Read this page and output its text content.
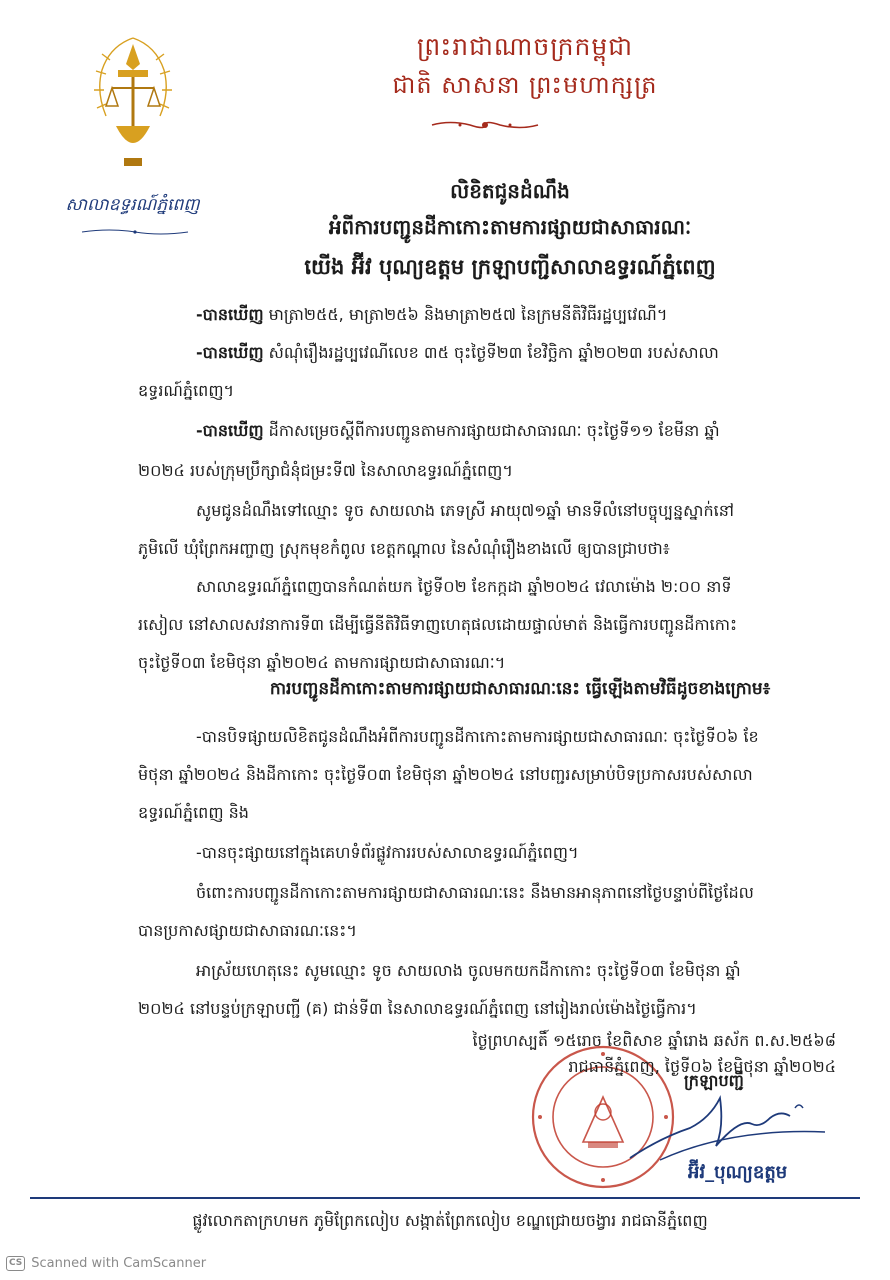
ព្រះរាជាណាចក្រកម្ពុជា
ជាតិ សាសនា ព្រះមហាក្សត្រ
សាលាឧទ្ធរណ៍ភ្នំពេញ
លិខិតជូនដំណឹង
អំពីការបញ្ជូនដីកាកោះតាមការផ្សាយជាសាធារណៈ
យើង អ៊ីវ បុណ្យឧត្តម ក្រឡាបញ្ជីសាលាឧទ្ធរណ៍ភ្នំពេញ
-បានឃើញ មាត្រា២៥៥, មាត្រា២៥៦ និងមាត្រា២៥៧ នៃក្រមនីតិវិធីរដ្ឋប្បវេណី។
-បានឃើញ សំណុំរឿងរដ្ឋប្បវេណីលេខ ៣៥ ចុះថ្ងៃទី២៣ ខែវិច្ឆិកា ឆ្នាំ២០២៣ របស់សាលា
ឧទ្ធរណ៍ភ្នំពេញ។
-បានឃើញ ដីកាសម្រេចស្តីពីការបញ្ជូនតាមការផ្សាយជាសាធារណៈ ចុះថ្ងៃទី១១ ខែមីនា ឆ្នាំ
២០២៤ របស់ក្រុមប្រឹក្សាជំនុំជម្រះទី៧ នៃសាលាឧទ្ធរណ៍ភ្នំពេញ។
សូមជូនដំណឹងទៅឈ្មោះ ទូច សាយលាង ភេទស្រី អាយុ៧១ឆ្នាំ មានទីលំនៅបច្ចុប្បន្នស្នាក់នៅ
ភូមិលើ ឃុំព្រែកអញ្ចាញ ស្រុកមុខកំពូល ខេត្តកណ្តាល នៃសំណុំរឿងខាងលើ ឲ្យបានជ្រាបថា៖
សាលាឧទ្ធរណ៍ភ្នំពេញបានកំណត់យក ថ្ងៃទី០២ ខែកក្កដា ឆ្នាំ២០២៤ វេលាម៉ោង ២:០០ នាទី
រសៀល នៅសាលសវនាការទី៣ ដើម្បីធ្វើនីតិវិធីទាញហេតុផលដោយផ្ទាល់មាត់ និងធ្វើការបញ្ជូនដីកាកោះ
ចុះថ្ងៃទី០៣ ខែមិថុនា ឆ្នាំ២០២៤ តាមការផ្សាយជាសាធារណៈ។
ការបញ្ជូនដីកាកោះតាមការផ្សាយជាសាធារណៈនេះ ធ្វើឡើងតាមវិធីដូចខាងក្រោម៖
-បានបិទផ្សាយលិខិតជូនដំណឹងអំពីការបញ្ជូនដីកាកោះតាមការផ្សាយជាសាធារណៈ ចុះថ្ងៃទី០៦ ខែ
មិថុនា ឆ្នាំ២០២៤ និងដីកាកោះ ចុះថ្ងៃទី០៣ ខែមិថុនា ឆ្នាំ២០២៤ នៅបញ្ជរសម្រាប់បិទប្រកាសរបស់សាលា
ឧទ្ធរណ៍ភ្នំពេញ និង
-បានចុះផ្សាយនៅក្នុងគេហទំព័រផ្លូវការរបស់សាលាឧទ្ធរណ៍ភ្នំពេញ។
ចំពោះការបញ្ជូនដីកាកោះតាមការផ្សាយជាសាធារណៈនេះ នឹងមានអានុភាពនៅថ្ងៃបន្ទាប់ពីថ្ងៃដែល
បានប្រកាសផ្សាយជាសាធារណៈនេះ។
អាស្រ័យហេតុនេះ សូមឈ្មោះ ទូច សាយលាង ចូលមកយកដីកាកោះ ចុះថ្ងៃទី០៣ ខែមិថុនា ឆ្នាំ
២០២៤ នៅបន្ទប់ក្រឡាបញ្ជី (គ) ជាន់ទី៣ នៃសាលាឧទ្ធរណ៍ភ្នំពេញ នៅរៀងរាល់ម៉ោងថ្ងៃធ្វើការ។
ថ្ងៃព្រហស្បតិ៍ ១៥រោច ខែពិសាខ ឆ្នាំរោង ឆស័ក ព.ស.២៥៦៨
រាជធានីភ្នំពេញ, ថ្ងៃទី០៦ ខែមិថុនា ឆ្នាំ២០២៤
ក្រឡាបញ្ជី
អ៊ីវ_បុណ្យឧត្តម
ផ្លូវលោកតាក្រហមក ភូមិព្រែកលៀប សង្កាត់ព្រែកលៀប ខណ្ឌជ្រោយចង្វារ រាជធានីភ្នំពេញ
CS Scanned with CamScanner
